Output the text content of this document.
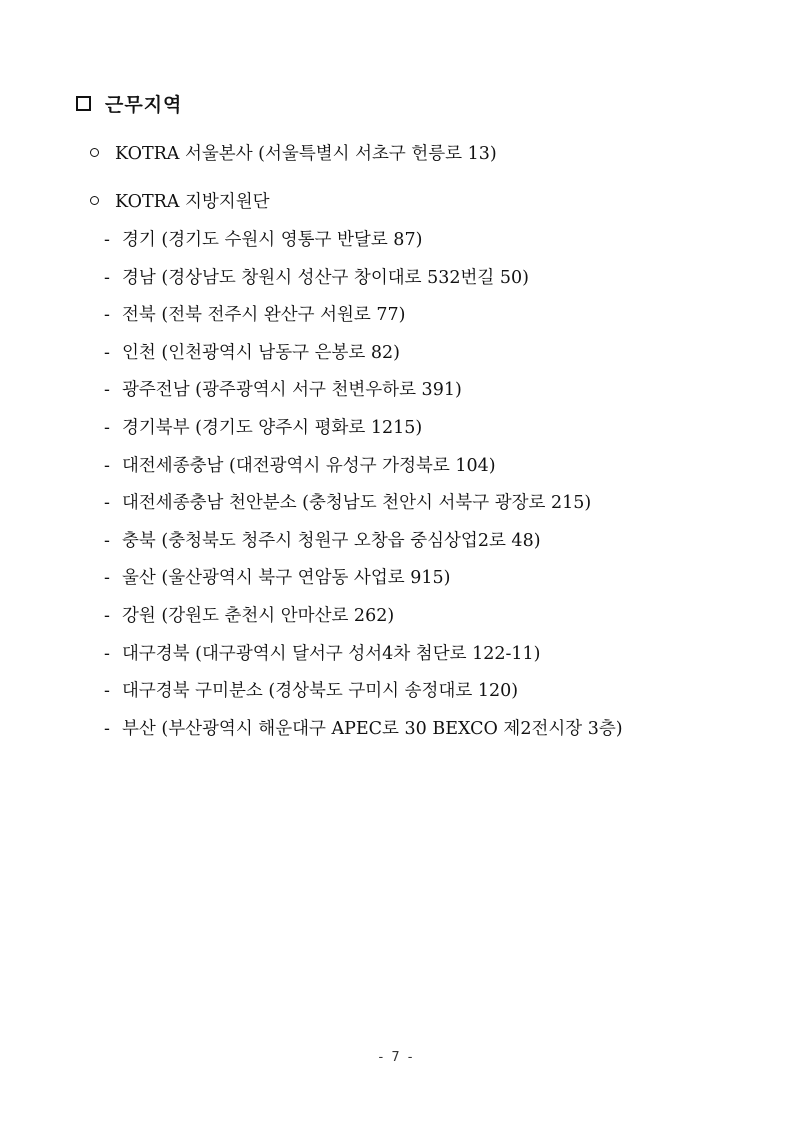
근무지역
KOTRA 서울본사 (서울특별시 서초구 헌릉로 13)
KOTRA 지방지원단
- 경기 (경기도 수원시 영통구 반달로 87)
- 경남 (경상남도 창원시 성산구 창이대로 532번길 50)
- 전북 (전북 전주시 완산구 서원로 77)
- 인천 (인천광역시 남동구 은봉로 82)
- 광주전남 (광주광역시 서구 천변우하로 391)
- 경기북부 (경기도 양주시 평화로 1215)
- 대전세종충남 (대전광역시 유성구 가정북로 104)
- 대전세종충남 천안분소 (충청남도 천안시 서북구 광장로 215)
- 충북 (충청북도 청주시 청원구 오창읍 중심상업2로 48)
- 울산 (울산광역시 북구 연암동 사업로 915)
- 강원 (강원도 춘천시 안마산로 262)
- 대구경북 (대구광역시 달서구 성서4차 첨단로 122-11)
- 대구경북 구미분소 (경상북도 구미시 송정대로 120)
- 부산 (부산광역시 해운대구 APEC로 30 BEXCO 제2전시장 3층)
- 7 -
